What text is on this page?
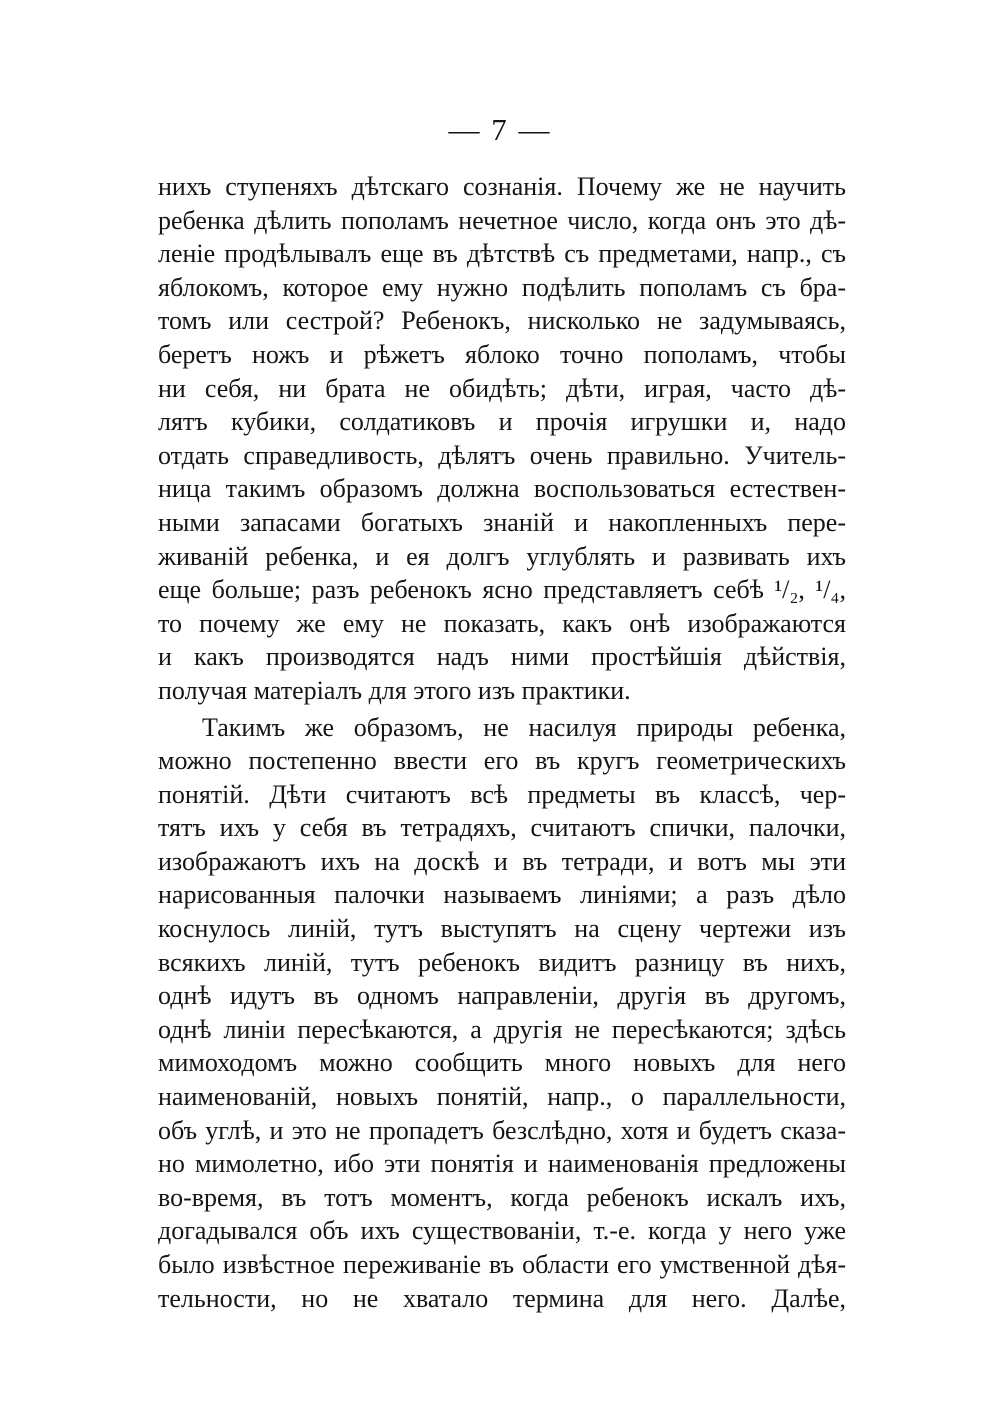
— 7 —
нихъ ступеняхъ дѣтскаго сознанія. Почему же не научить
ребенка дѣлить пополамъ нечетное число, когда онъ это дѣ-
леніе продѣлывалъ еще въ дѣтствѣ съ предметами, напр., съ
яблокомъ, которое ему нужно подѣлить пополамъ съ бра-
томъ или сестрой? Ребенокъ, нисколько не задумываясь,
беретъ ножъ и рѣжетъ яблоко точно пополамъ, чтобы
ни себя, ни брата не обидѣть; дѣти, играя, часто дѣ-
лятъ кубики, солдатиковъ и прочія игрушки и, надо
отдать справедливость, дѣлятъ очень правильно. Учитель-
ница такимъ образомъ должна воспользоваться естествен-
ными запасами богатыхъ знаній и накопленныхъ пере-
живаній ребенка, и ея долгъ углублять и развивать ихъ
еще больше; разъ ребенокъ ясно представляетъ себѣ ¹/₂, ¹/₄,
то почему же ему не показать, какъ онѣ изображаются
и какъ производятся надъ ними простѣйшія дѣйствія,
получая матеріалъ для этого изъ практики.
Такимъ же образомъ, не насилуя природы ребенка,
можно постепенно ввести его въ кругъ геометрическихъ
понятій. Дѣти считаютъ всѣ предметы въ классѣ, чер-
тятъ ихъ у себя въ тетрадяхъ, считаютъ спички, палочки,
изображаютъ ихъ на доскѣ и въ тетради, и вотъ мы эти
нарисованныя палочки называемъ линіями; а разъ дѣло
коснулось линій, тутъ выступятъ на сцену чертежи изъ
всякихъ линій, тутъ ребенокъ видитъ разницу въ нихъ,
однѣ идутъ въ одномъ направленіи, другія въ другомъ,
однѣ линіи пересѣкаются, а другія не пересѣкаются; здѣсь
мимоходомъ можно сообщить много новыхъ для него
наименованій, новыхъ понятій, напр., о параллельности,
объ углѣ, и это не пропадетъ безслѣдно, хотя и будетъ сказа-
но мимолетно, ибо эти понятія и наименованія предложены
во-время, въ тотъ моментъ, когда ребенокъ искалъ ихъ,
догадывался объ ихъ существованіи, т.-е. когда у него уже
было извѣстное переживаніе въ области его умственной дѣя-
тельности, но не хватало термина для него. Далѣе,
